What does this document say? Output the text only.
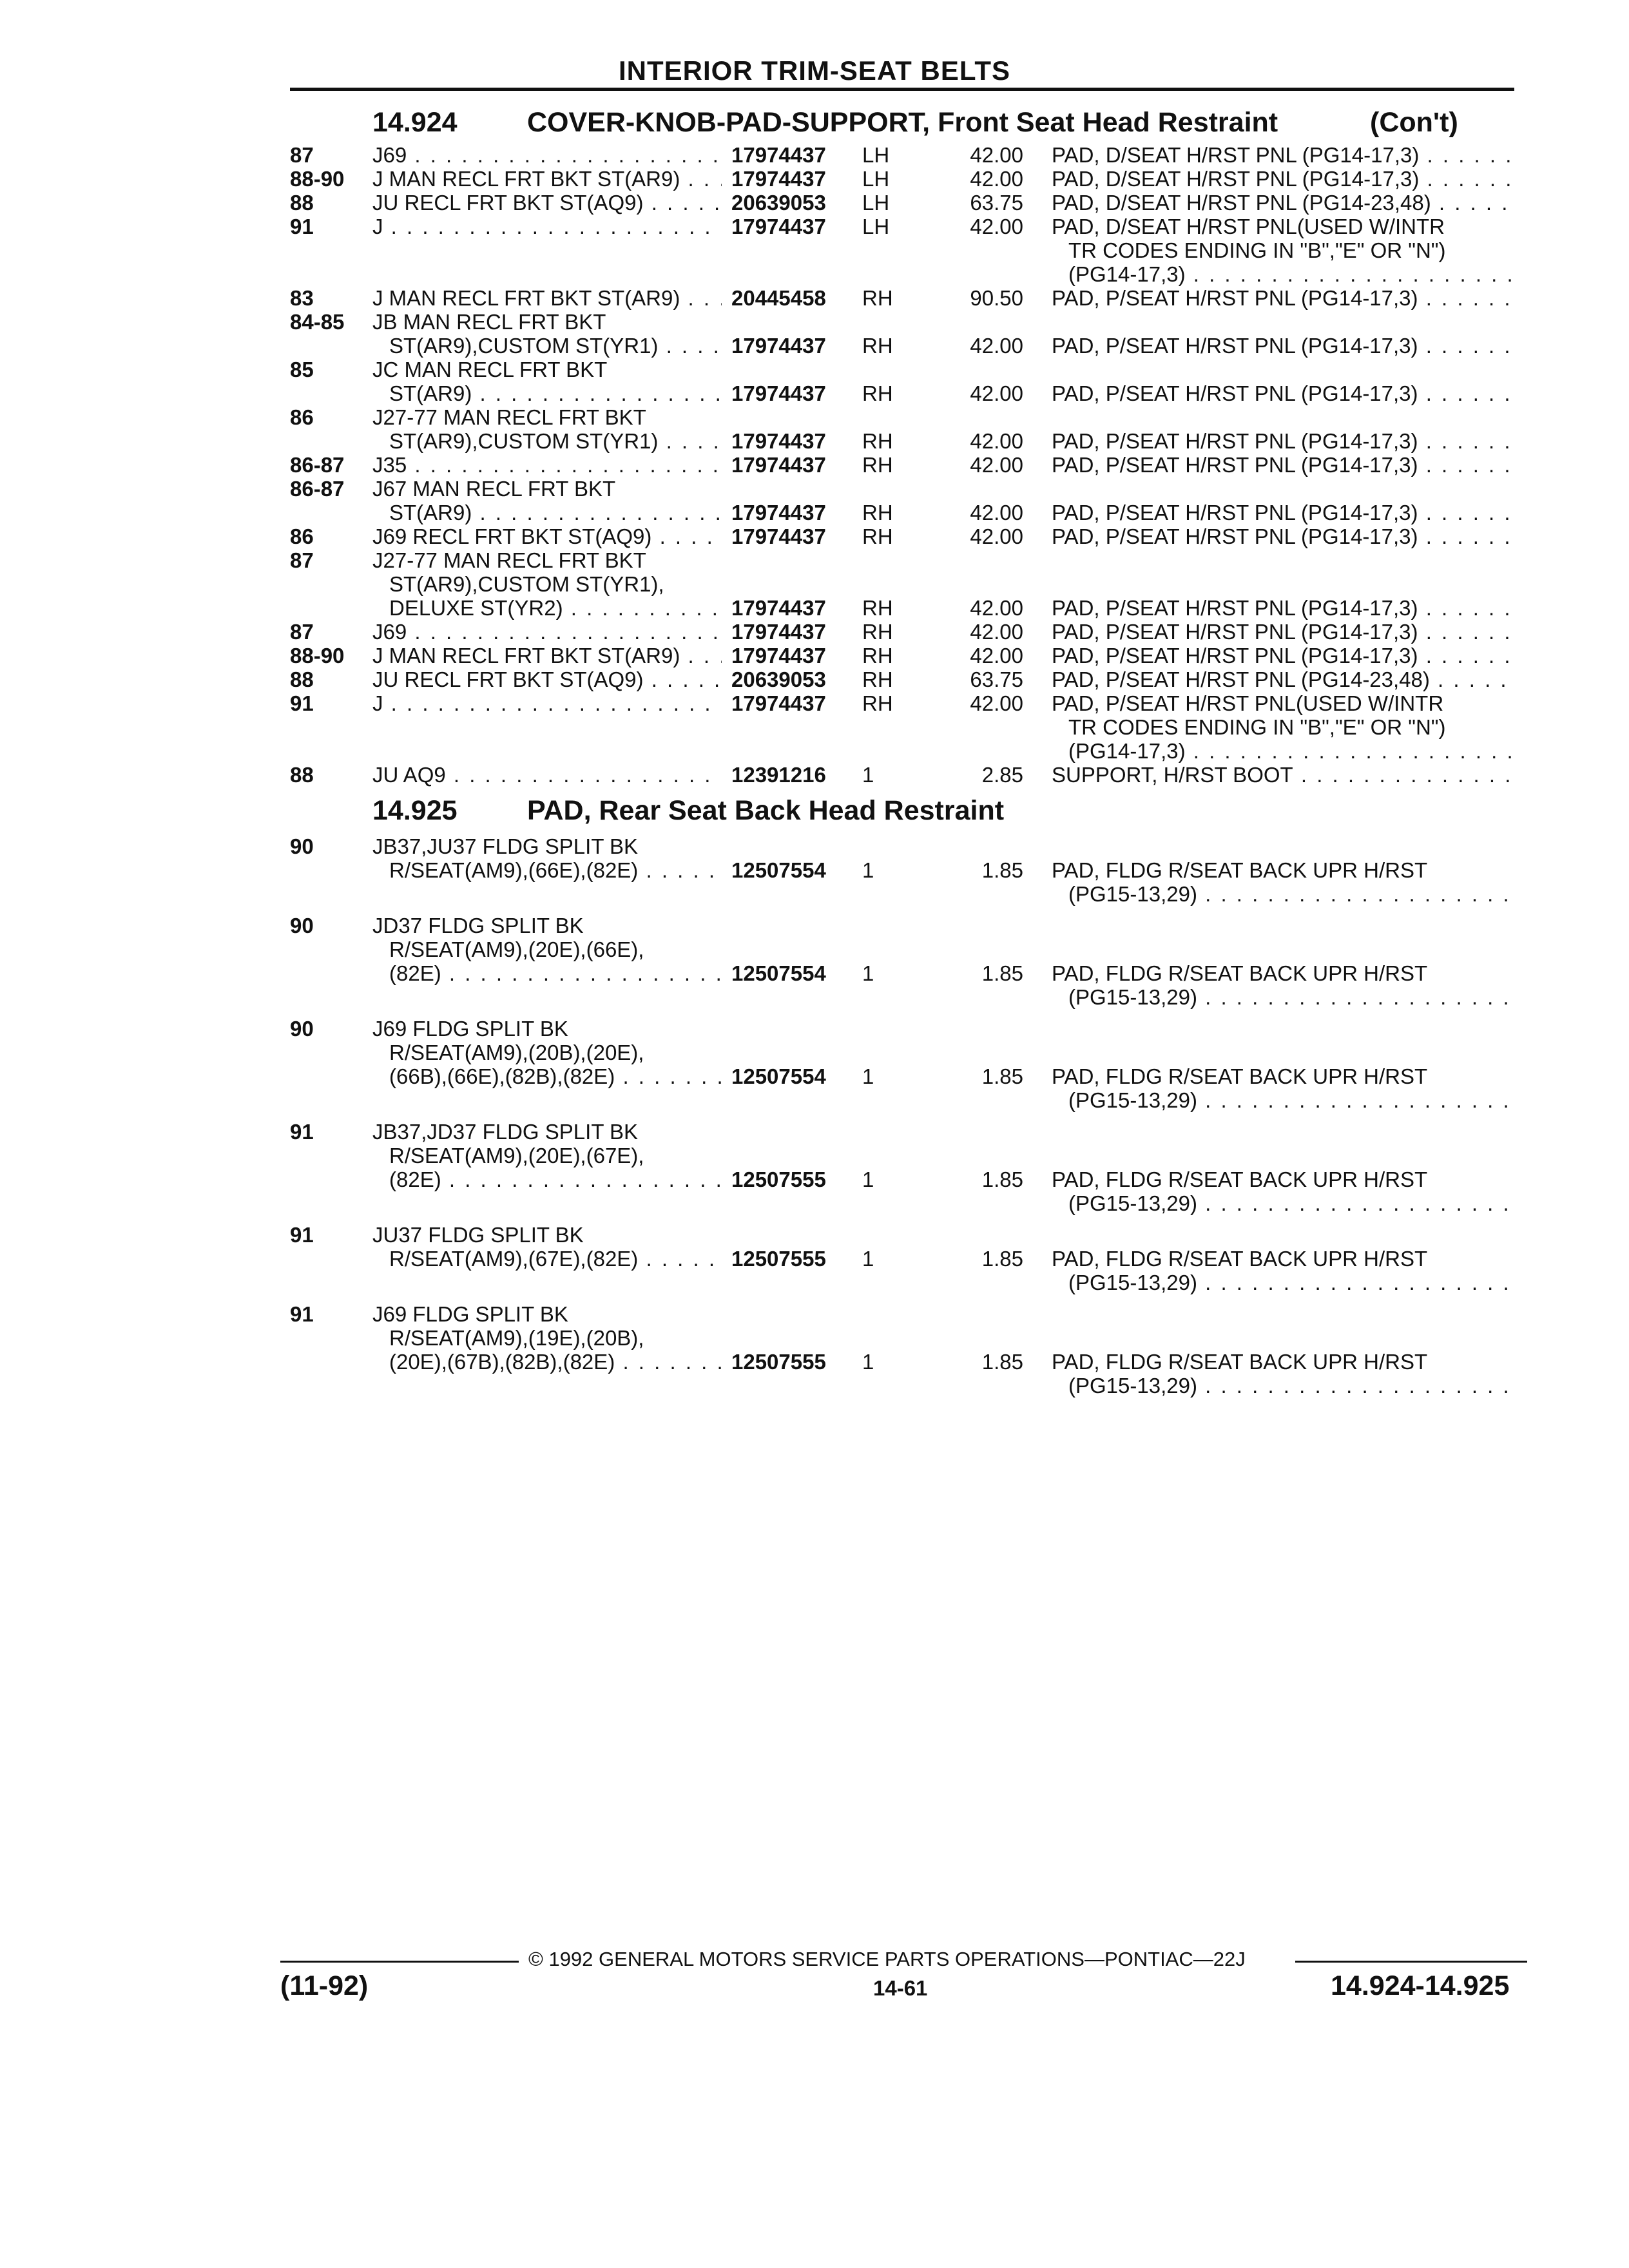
INTERIOR TRIM-SEAT BELTS
14.924	COVER-KNOB-PAD-SUPPORT, Front Seat Head Restraint	(Con't)
87	J69 . . .	17974437 LH	42.00 PAD, D/SEAT H/RST PNL (PG14-17,3) . . .
88-90 J MAN RECL FRT BKT ST(AR9) . . .	17974437 LH	42.00 PAD, D/SEAT H/RST PNL (PG14-17,3) . . .
88	JU RECL FRT BKT ST(AQ9) . . .	20639053 LH	63.75 PAD, D/SEAT H/RST PNL (PG14-23,48) . . .
91	J . . .	17974437 LH	42.00 PAD, D/SEAT H/RST PNL(USED W/INTR
TR CODES ENDING IN "B","E" OR "N")
(PG14-17,3) . . .
83	J MAN RECL FRT BKT ST(AR9) . . .	20445458 RH	90.50 PAD, P/SEAT H/RST PNL (PG14-17,3) . . .
84-85 JB MAN RECL FRT BKT
ST(AR9),CUSTOM ST(YR1) . . .	17974437 RH	42.00 PAD, P/SEAT H/RST PNL (PG14-17,3) . . .
85	JC MAN RECL FRT BKT
ST(AR9) . . .	17974437 RH	42.00 PAD, P/SEAT H/RST PNL (PG14-17,3) . . .
86	J27-77 MAN RECL FRT BKT
ST(AR9),CUSTOM ST(YR1) . . .	17974437 RH	42.00 PAD, P/SEAT H/RST PNL (PG14-17,3) . . .
86-87 J35 . . .	17974437 RH	42.00 PAD, P/SEAT H/RST PNL (PG14-17,3) . . .
86-87 J67 MAN RECL FRT BKT
ST(AR9) . . .	17974437 RH	42.00 PAD, P/SEAT H/RST PNL (PG14-17,3) . . .
86	J69 RECL FRT BKT ST(AQ9) . . .	17974437 RH	42.00 PAD, P/SEAT H/RST PNL (PG14-17,3) . . .
87	J27-77 MAN RECL FRT BKT
ST(AR9),CUSTOM ST(YR1),
DELUXE ST(YR2) . . .	17974437 RH	42.00 PAD, P/SEAT H/RST PNL (PG14-17,3) . . .
87	J69 . . .	17974437 RH	42.00 PAD, P/SEAT H/RST PNL (PG14-17,3) . . .
88-90 J MAN RECL FRT BKT ST(AR9) . . .	17974437 RH	42.00 PAD, P/SEAT H/RST PNL (PG14-17,3) . . .
88	JU RECL FRT BKT ST(AQ9) . . .	20639053 RH	63.75 PAD, P/SEAT H/RST PNL (PG14-23,48) . . .
91	J . . .	17974437 RH	42.00 PAD, P/SEAT H/RST PNL(USED W/INTR
TR CODES ENDING IN "B","E" OR "N")
(PG14-17,3) . . .
88	JU AQ9 . . .	12391216 1	2.85 SUPPORT, H/RST BOOT . . .
14.925	PAD, Rear Seat Back Head Restraint
90	JB37,JU37 FLDG SPLIT BK
R/SEAT(AM9),(66E),(82E) . . .	12507554 1	1.85 PAD, FLDG R/SEAT BACK UPR H/RST
(PG15-13,29) . . .
90	JD37 FLDG SPLIT BK
R/SEAT(AM9),(20E),(66E),
(82E) . . .	12507554 1	1.85 PAD, FLDG R/SEAT BACK UPR H/RST
(PG15-13,29) . . .
90	J69 FLDG SPLIT BK
R/SEAT(AM9),(20B),(20E),
(66B),(66E),(82B),(82E) . . .	12507554 1	1.85 PAD, FLDG R/SEAT BACK UPR H/RST
(PG15-13,29) . . .
91	JB37,JD37 FLDG SPLIT BK
R/SEAT(AM9),(20E),(67E),
(82E) . . .	12507555 1	1.85 PAD, FLDG R/SEAT BACK UPR H/RST
(PG15-13,29) . . .
91	JU37 FLDG SPLIT BK
R/SEAT(AM9),(67E),(82E) . . .	12507555 1	1.85 PAD, FLDG R/SEAT BACK UPR H/RST
(PG15-13,29) . . .
91	J69 FLDG SPLIT BK
R/SEAT(AM9),(19E),(20B),
(20E),(67B),(82B),(82E) . . .	12507555 1	1.85 PAD, FLDG R/SEAT BACK UPR H/RST
(PG15-13,29) . . .
© 1992 GENERAL MOTORS SERVICE PARTS OPERATIONS—PONTIAC—22J
(11-92)	14-61	14.924-14.925
